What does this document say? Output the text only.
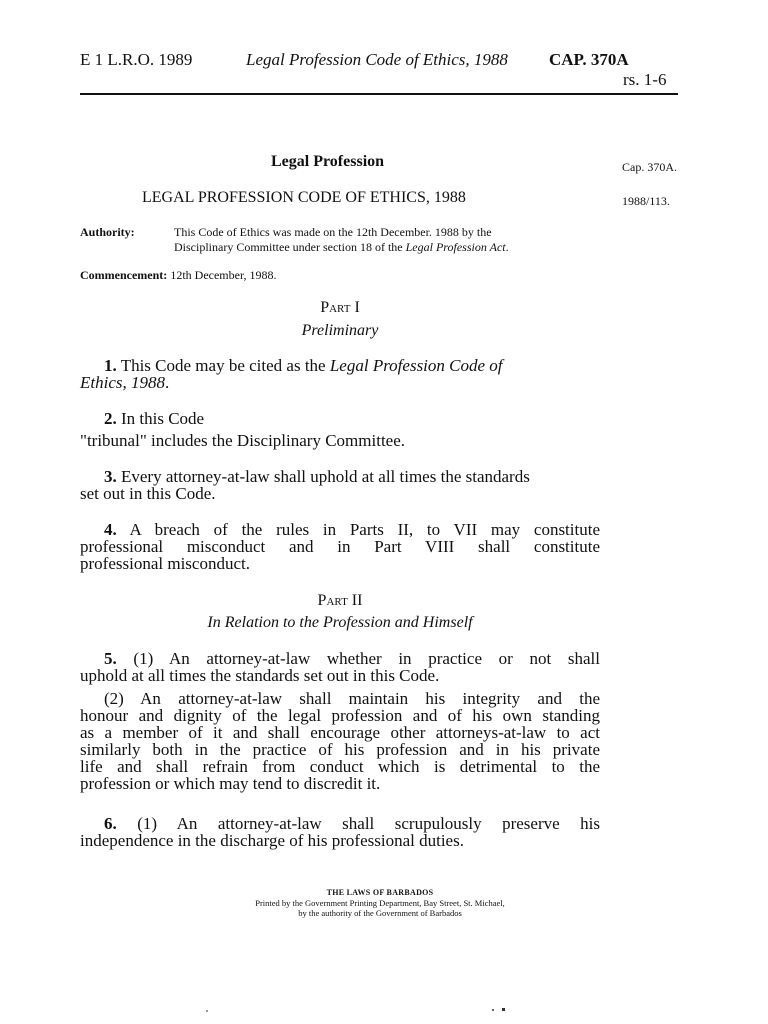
E 1 L.R.O. 1989	Legal Profession Code of Ethics, 1988 CAP. 370A
rs. 1-6
Legal Profession	Cap. 370A.
LEGAL PROFESSION CODE OF ETHICS, 1988	1988/113.
Authority:	This Code of Ethics was made on the 12th December. 1988 by the
Disciplinary Committee under section 18 of the Legal Profession Act.
Commencement: 12th December, 1988.
Part I
Preliminary
1. This Code may be cited as the Legal Profession Code of
Ethics, 1988.
2. In this Code
"tribunal" includes the Disciplinary Committee.
3. Every attorney-at-law shall uphold at all times the standards
set out in this Code.
4. A breach of the rules in Parts II, to VII may constitute
professional misconduct and in Part VIII shall constitute
professional misconduct.
Part II
In Relation to the Profession and Himself
5. (1) An attorney-at-law whether in practice or not shall
uphold at all times the standards set out in this Code.
(2) An attorney-at-law shall maintain his integrity and the
honour and dignity of the legal profession and of his own standing
as a member of it and shall encourage other attorneys-at-law to act
similarly both in the practice of his profession and in his private
life and shall refrain from conduct which is detrimental to the
profession or which may tend to discredit it.
6. (1) An attorney-at-law shall scrupulously preserve his
independence in the discharge of his professional duties.
THE LAWS OF BARBADOS
Printed by the Government Printing Department, Bay Street, St. Michael,
by the authority of the Government of Barbados
